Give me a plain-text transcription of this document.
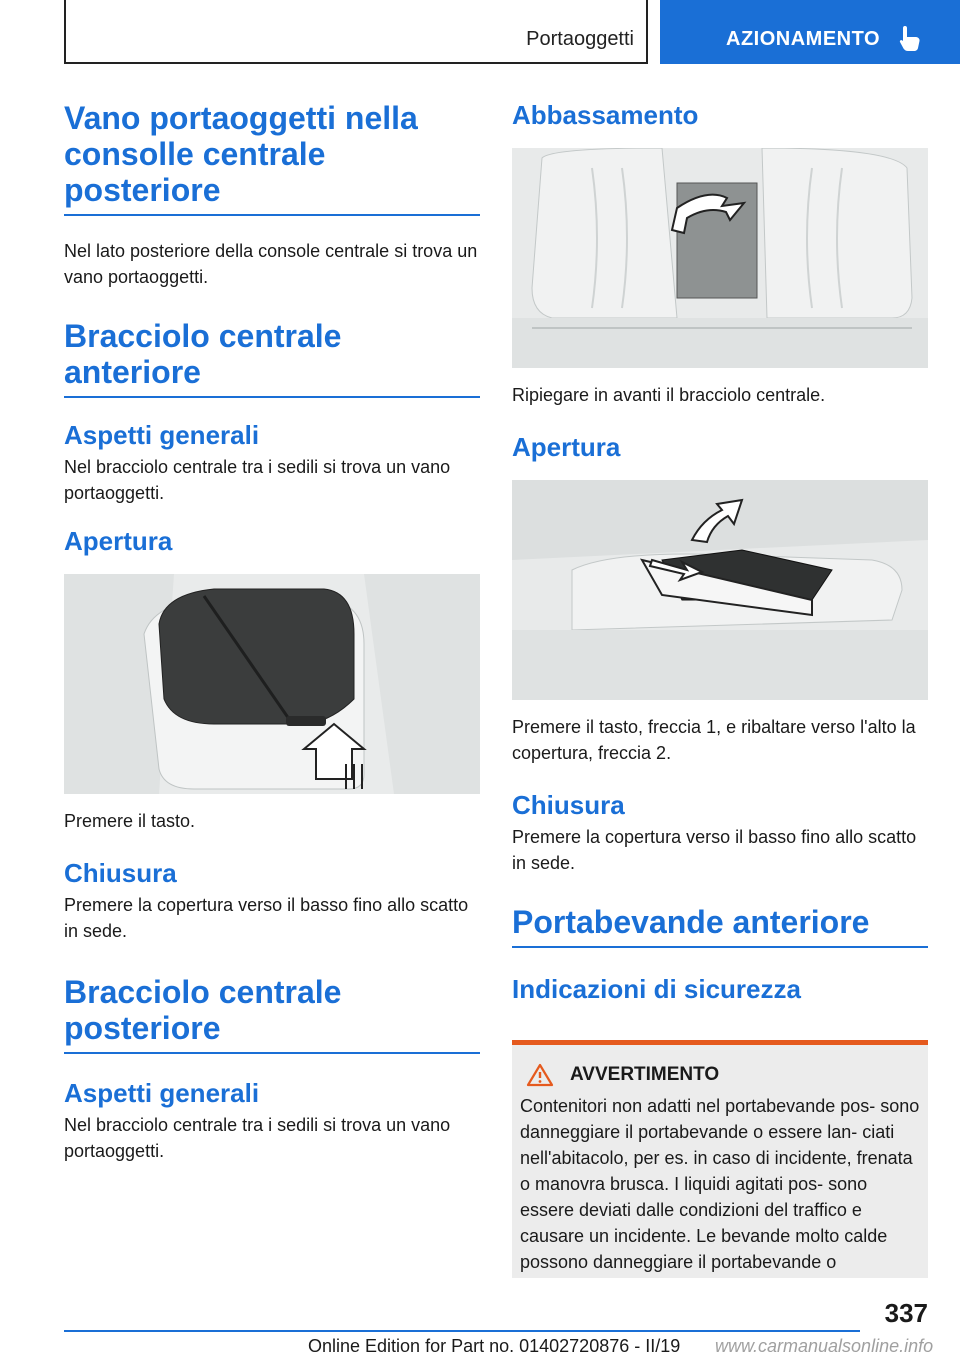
Portaoggetti	AZIONAMENTO
Vano portaoggetti nella consolle centrale posteriore

Nel lato posteriore della console centrale si trova un vano portaoggetti.

Bracciolo centrale anteriore
Aspetti generali

Nel bracciolo centrale tra i sedili si trova un vano portaoggetti.

Apertura

Premere il tasto.

Chiusura

Premere la copertura verso il basso fino allo scatto in sede.

Bracciolo centrale posteriore
Aspetti generali

Nel bracciolo centrale tra i sedili si trova un vano portaoggetti.

Abbassamento

Ripiegare in avanti il bracciolo centrale.

Apertura

Premere il tasto, freccia 1, e ribaltare verso l'alto la copertura, freccia 2.

Chiusura

Premere la copertura verso il basso fino allo scatto in sede.

Portabevande anteriore
Indicazioni di sicurezza
AVVERTIMENTO
Contenitori non adatti nel portabevande pos- sono danneggiare il portabevande o essere lan- ciati nell'abitacolo, per es. in caso di incidente, frenata o manovra brusca. I liquidi agitati pos- sono essere deviati dalle condizioni del traffico e causare un incidente. Le bevande molto calde possono danneggiare il portabevande o
337
Online Edition for Part no. 01402720876 - II/19 www.carmanualsonline.info
